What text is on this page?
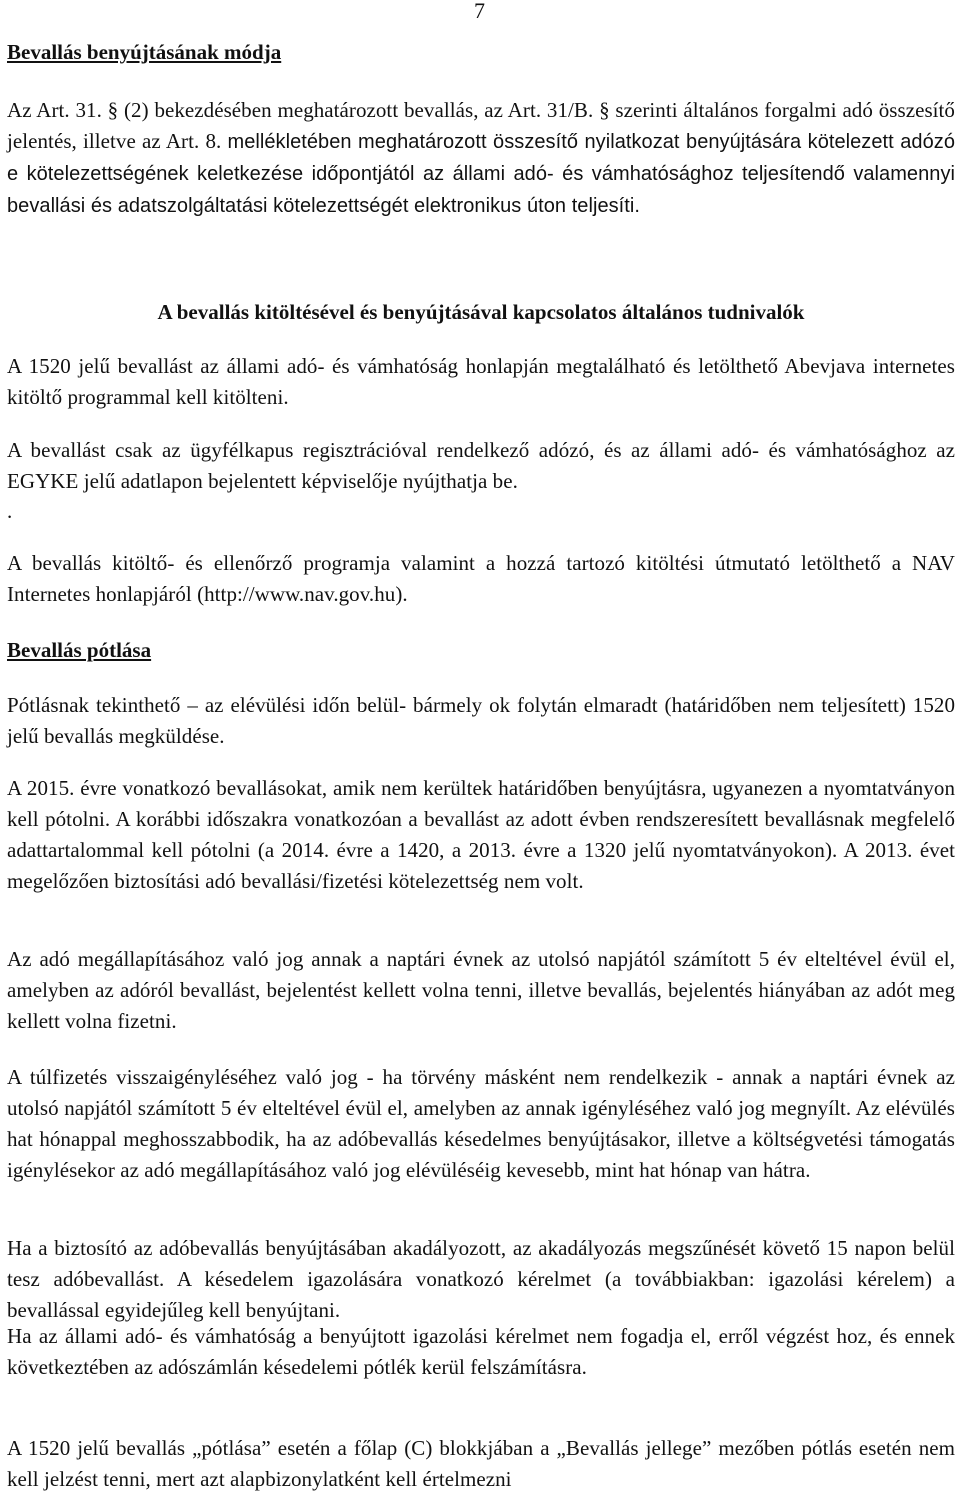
7
Bevallás benyújtásának módja

Az Art. 31. § (2) bekezdésében meghatározott bevallás, az Art. 31/B. § szerinti általános forgalmi adó összesítő jelentés, illetve az Art. 8. mellékletében meghatározott összesítő nyilatkozat benyújtására kötelezett adózó e kötelezettségének keletkezése időpontjától az állami adó- és vámhatósághoz teljesítendő valamennyi bevallási és adatszolgáltatási kötelezettségét elektronikus úton teljesíti.

A bevallás kitöltésével és benyújtásával kapcsolatos általános tudnivalók

A 1520 jelű bevallást az állami adó- és vámhatóság honlapján megtalálható és letölthető Abevjava internetes kitöltő programmal kell kitölteni.

A bevallást csak az ügyfélkapus regisztrációval rendelkező adózó, és az állami adó- és vámhatósághoz az EGYKE jelű adatlapon bejelentett képviselője nyújthatja be.

.

A bevallás kitöltő- és ellenőrző programja valamint a hozzá tartozó kitöltési útmutató letölthető a NAV Internetes honlapjáról (http://www.nav.gov.hu).

Bevallás pótlása

Pótlásnak tekinthető – az elévülési időn belül- bármely ok folytán elmaradt (határidőben nem teljesített) 1520 jelű bevallás megküldése.

A 2015. évre vonatkozó bevallásokat, amik nem kerültek határidőben benyújtásra, ugyanezen a nyomtatványon kell pótolni. A korábbi időszakra vonatkozóan a bevallást az adott évben rendszeresített bevallásnak megfelelő adattartalommal kell pótolni (a 2014. évre a 1420, a 2013. évre a 1320 jelű nyomtatványokon). A 2013. évet megelőzően biztosítási adó bevallási/fizetési kötelezettség nem volt.

Az adó megállapításához való jog annak a naptári évnek az utolsó napjától számított 5 év elteltével évül el, amelyben az adóról bevallást, bejelentést kellett volna tenni, illetve bevallás, bejelentés hiányában az adót meg kellett volna fizetni.

A túlfizetés visszaigényléséhez való jog - ha törvény másként nem rendelkezik - annak a naptári évnek az utolsó napjától számított 5 év elteltével évül el, amelyben az annak igényléséhez való jog megnyílt. Az elévülés hat hónappal meghosszabbodik, ha az adóbevallás késedelmes benyújtásakor, illetve a költségvetési támogatás igénylésekor az adó megállapításához való jog elévüléséig kevesebb, mint hat hónap van hátra.

Ha a biztosító az adóbevallás benyújtásában akadályozott, az akadályozás megszűnését követő 15 napon belül tesz adóbevallást. A késedelem igazolására vonatkozó kérelmet (a továbbiakban: igazolási kérelem) a bevallással egyidejűleg kell benyújtani.

Ha az állami adó- és vámhatóság a benyújtott igazolási kérelmet nem fogadja el, erről végzést hoz, és ennek következtében az adószámlán késedelemi pótlék kerül felszámításra.

A 1520 jelű bevallás „pótlása” esetén a főlap (C) blokkjában a „Bevallás jellege” mezőben pótlás esetén nem kell jelzést tenni, mert azt alapbizonylatként kell értelmezni
